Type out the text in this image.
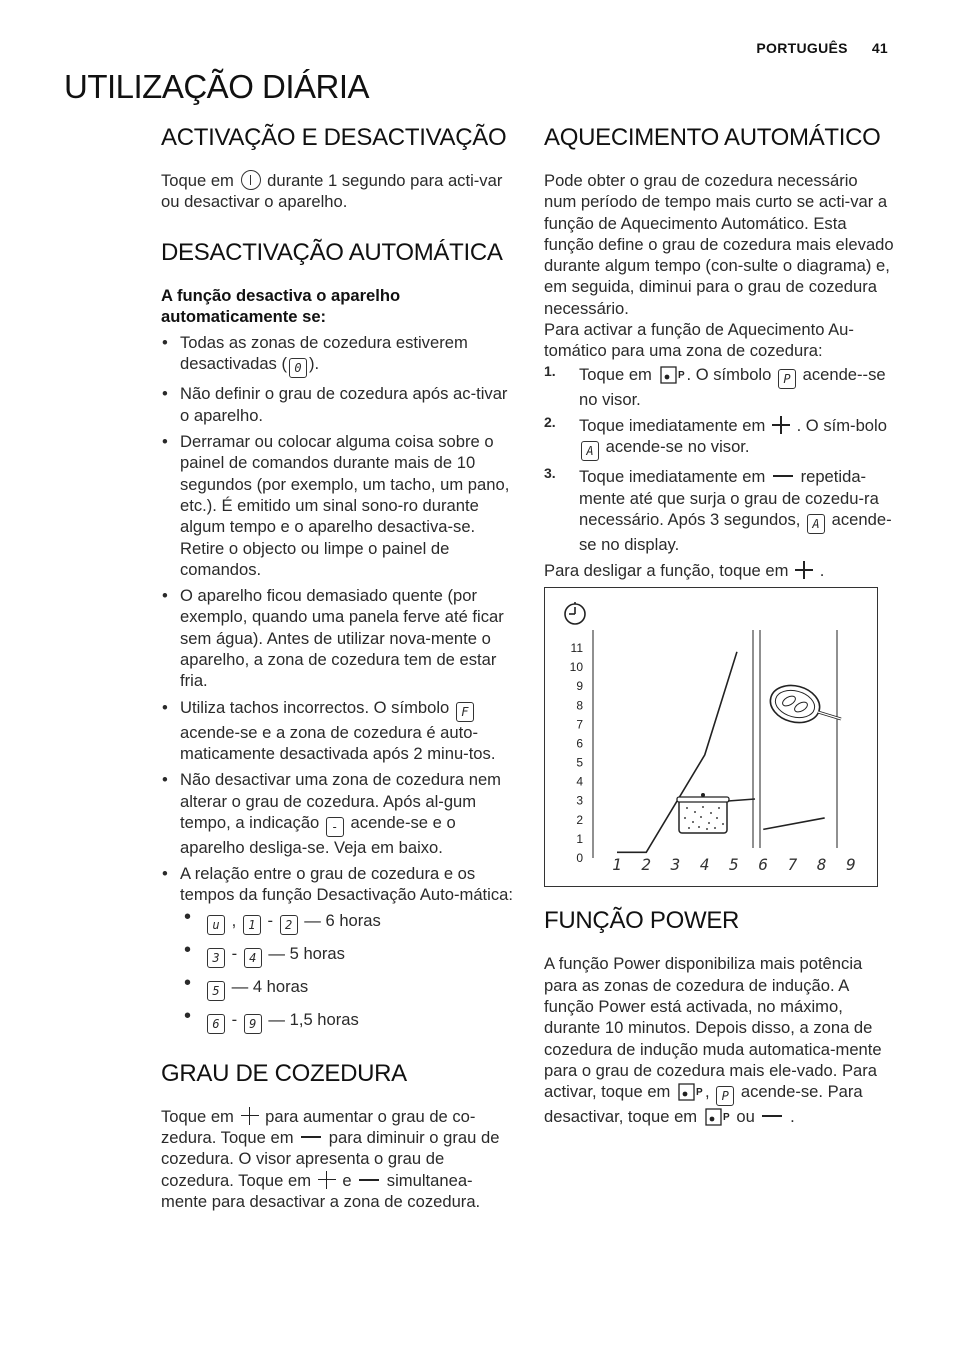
PORTUGUÊS 41
UTILIZAÇÃO DIÁRIA
ACTIVAÇÃO E DESACTIVAÇÃO

Toque em durante 1 segundo para acti-var ou desactivar o aparelho.

DESACTIVAÇÃO AUTOMÁTICA

A função desactiva o aparelho automaticamente se:

• Todas as zonas de cozedura estiverem desactivadas ( 0 ).
• Não definir o grau de cozedura após ac-tivar o aparelho.
• Derramar ou colocar alguma coisa sobre o painel de comandos durante mais de 10 segundos (por exemplo, um tacho, um pano, etc.). É emitido um sinal sono-ro durante algum tempo e o aparelho desactiva-se. Retire o objecto ou limpe o painel de comandos.
• O aparelho ficou demasiado quente (por exemplo, quando uma panela ferve até ficar sem água). Antes de utilizar nova-mente o aparelho, a zona de cozedura tem de estar fria.
• Utiliza tachos incorrectos. O símbolo F acende-se e a zona de cozedura é auto-maticamente desactivada após 2 minu-tos.
• Não desactivar uma zona de cozedura nem alterar o grau de cozedura. Após al-gum tempo, a indicação - acende-se e o aparelho desliga-se. Veja em baixo.
• A relação entre o grau de cozedura e os tempos da função Desactivação Auto-mática:
• u , 1 - 2 — 6 horas
• 3 - 4 — 5 horas
• 5 — 4 horas
• 6 - 9 — 1,5 horas
GRAU DE COZEDURA

Toque em para aumentar o grau de co-zedura. Toque em para diminuir o grau de cozedura. O visor apresenta o grau de cozedura. Toque em e simultanea-mente para desactivar a zona de cozedura.

AQUECIMENTO AUTOMÁTICO

Pode obter o grau de cozedura necessário num período de tempo mais curto se acti-var a função de Aquecimento Automático. Esta função define o grau de cozedura mais elevado durante algum tempo (con-sulte o diagrama) e, em seguida, diminui para o grau de cozedura necessário.

Para activar a função de Aquecimento Au-tomático para uma zona de cozedura:

1. Toque em	P . O símbolo P acende--se no visor.
2. Toque imediatamente em . O sím-bolo A acende-se no visor.
3. Toque imediatamente em repetida-mente até que surja o grau de cozedu-ra necessário. Após 3 segundos, A acende-se no display.

Para desligar a função, toque em .

0
1
2
3
4
5
6
7
8
9
10
11
1 2 3 4 5 6 7 8 9
FUNÇÃO POWER

A função Power disponibiliza mais potência para as zonas de cozedura de indução. A função Power está activada, no máximo, durante 10 minutos. Depois disso, a zona de cozedura de indução muda automatica-mente para o grau de cozedura mais ele-vado. Para activar, toque em	P , P acende-se. Para desactivar, toque em	P ou .
